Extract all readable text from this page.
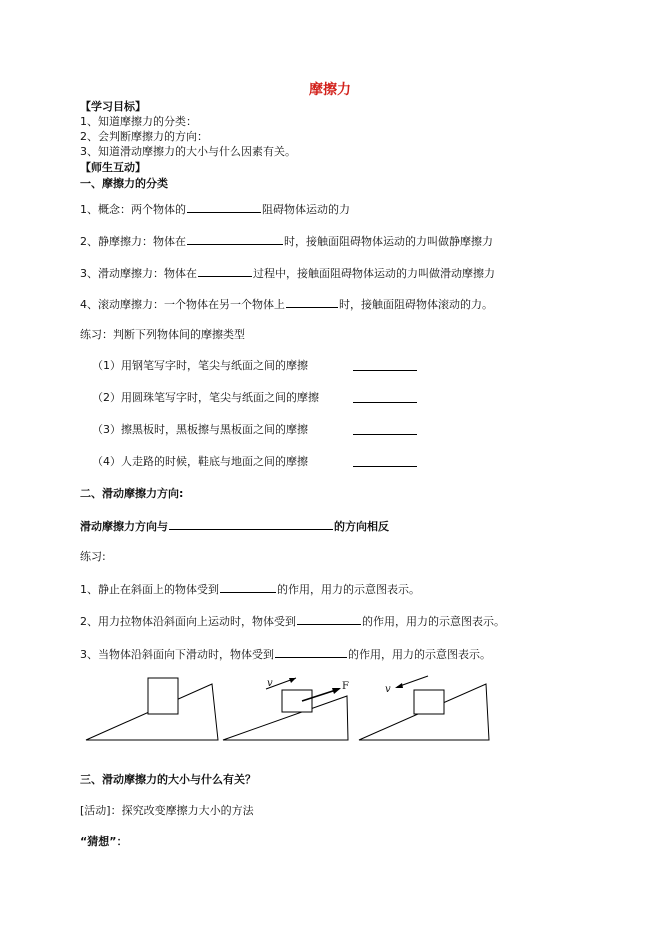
摩擦力
【学习目标】
1、知道摩擦力的分类：
2、会判断摩擦力的方向：
3、知道滑动摩擦力的大小与什么因素有关。
【师生互动】
一、摩擦力的分类
1、概念：两个物体的	阻碍物体运动的力
2、静摩擦力：物体在	时，接触面阻碍物体运动的力叫做静摩擦力
3、滑动摩擦力：物体在	过程中，接触面阻碍物体运动的力叫做滑动摩擦力
4、滚动摩擦力：一个物体在另一个物体上	时，接触面阻碍物体滚动的力。
练习：判断下列物体间的摩擦类型
（1）用钢笔写字时，笔尖与纸面之间的摩擦
（2）用圆珠笔写字时，笔尖与纸面之间的摩擦
（3）擦黑板时，黑板擦与黑板面之间的摩擦
（4）人走路的时候，鞋底与地面之间的摩擦
二、滑动摩擦力方向:
滑动摩擦力方向与	的方向相反
练习:
1、静止在斜面上的物体受到	的作用，用力的示意图表示。
2、用力拉物体沿斜面向上运动时，物体受到	的作用，用力的示意图表示。
3、当物体沿斜面向下滑动时，物体受到	的作用，用力的示意图表示。
v	F	v
三、滑动摩擦力的大小与什么有关？
[活动]：探究改变摩擦力大小的方法
“猜想”：
